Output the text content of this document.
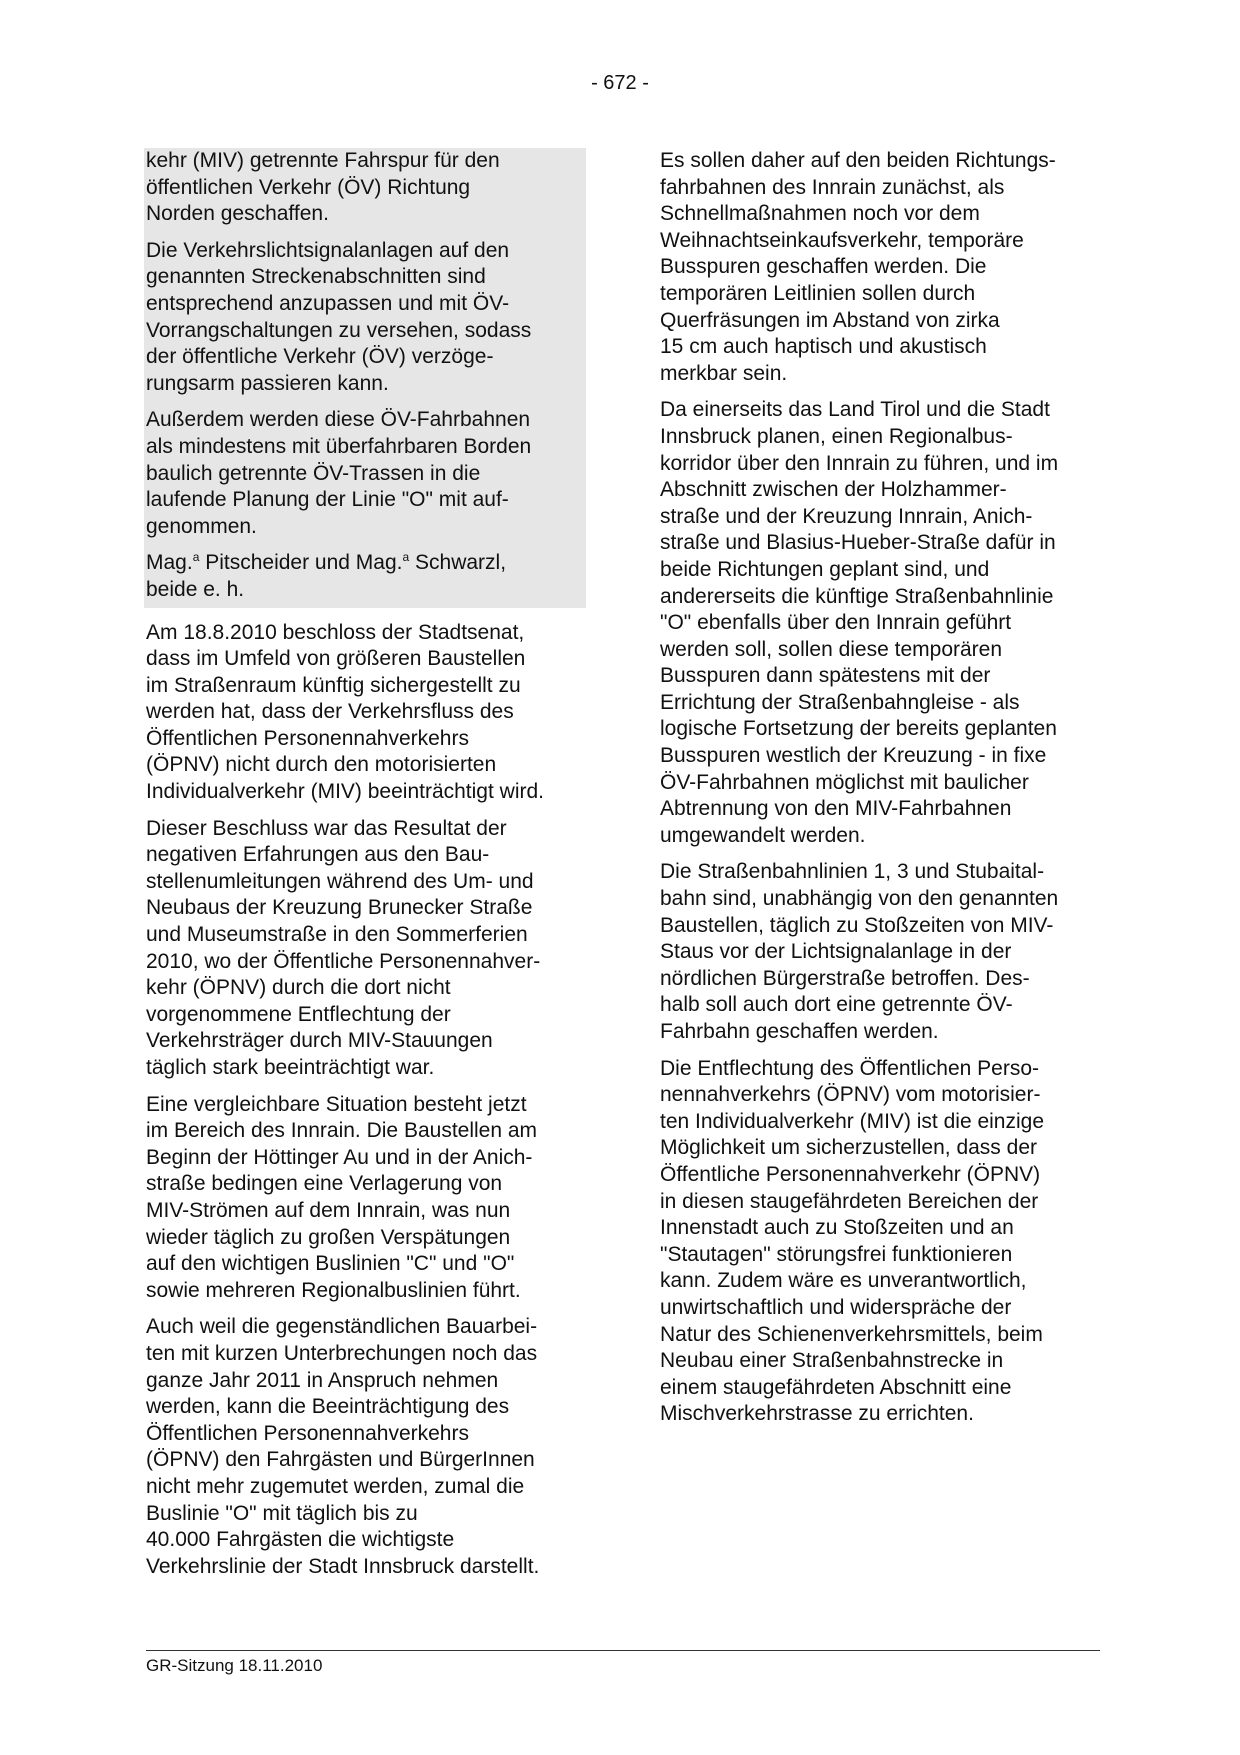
- 672 -

kehr (MIV) getrennte Fahrspur für den
öffentlichen Verkehr (ÖV) Richtung
Norden geschaffen.

Die Verkehrslichtsignalanlagen auf den
genannten Streckenabschnitten sind
entsprechend anzupassen und mit ÖV-
Vorrangschaltungen zu versehen, sodass
der öffentliche Verkehr (ÖV) verzöge-
rungsarm passieren kann.

Außerdem werden diese ÖV-Fahrbahnen
als mindestens mit überfahrbaren Borden
baulich getrennte ÖV-Trassen in die
laufende Planung der Linie "O" mit auf-
genommen.

Mag.$^a$ Pitscheider und Mag.$^a$ Schwarzl,
beide e. h.

Am 18.8.2010 beschloss der Stadtsenat,
dass im Umfeld von größeren Baustellen
im Straßenraum künftig sichergestellt zu
werden hat, dass der Verkehrsfluss des
Öffentlichen Personennahverkehrs
(ÖPNV) nicht durch den motorisierten
Individualverkehr (MIV) beeinträchtigt wird.

Dieser Beschluss war das Resultat der
negativen Erfahrungen aus den Bau-
stellenumleitungen während des Um- und
Neubaus der Kreuzung Brunecker Straße
und Museumstraße in den Sommerferien
2010, wo der Öffentliche Personennahver-
kehr (ÖPNV) durch die dort nicht
vorgenommene Entflechtung der
Verkehrsträger durch MIV-Stauungen
täglich stark beeinträchtigt war.

Eine vergleichbare Situation besteht jetzt
im Bereich des Innrain. Die Baustellen am
Beginn der Höttinger Au und in der Anich-
straße bedingen eine Verlagerung von
MIV-Strömen auf dem Innrain, was nun
wieder täglich zu großen Verspätungen
auf den wichtigen Buslinien "C" und "O"
sowie mehreren Regionalbuslinien führt.

Auch weil die gegenständlichen Bauarbei-
ten mit kurzen Unterbrechungen noch das
ganze Jahr 2011 in Anspruch nehmen
werden, kann die Beeinträchtigung des
Öffentlichen Personennahverkehrs
(ÖPNV) den Fahrgästen und BürgerInnen
nicht mehr zugemutet werden, zumal die
Buslinie "O" mit täglich bis zu
40.000 Fahrgästen die wichtigste
Verkehrslinie der Stadt Innsbruck darstellt.

Es sollen daher auf den beiden Richtungs-
fahrbahnen des Innrain zunächst, als
Schnellmaßnahmen noch vor dem
Weihnachtseinkaufsverkehr, temporäre
Busspuren geschaffen werden. Die
temporären Leitlinien sollen durch
Querfräsungen im Abstand von zirka
15 cm auch haptisch und akustisch
merkbar sein.

Da einerseits das Land Tirol und die Stadt
Innsbruck planen, einen Regionalbus-
korridor über den Innrain zu führen, und im
Abschnitt zwischen der Holzhammer-
straße und der Kreuzung Innrain, Anich-
straße und Blasius-Hueber-Straße dafür in
beide Richtungen geplant sind, und
andererseits die künftige Straßenbahnlinie
"O" ebenfalls über den Innrain geführt
werden soll, sollen diese temporären
Busspuren dann spätestens mit der
Errichtung der Straßenbahngleise - als
logische Fortsetzung der bereits geplanten
Busspuren westlich der Kreuzung - in fixe
ÖV-Fahrbahnen möglichst mit baulicher
Abtrennung von den MIV-Fahrbahnen
umgewandelt werden.

Die Straßenbahnlinien 1, 3 und Stubaital-
bahn sind, unabhängig von den genannten
Baustellen, täglich zu Stoßzeiten von MIV-
Staus vor der Lichtsignalanlage in der
nördlichen Bürgerstraße betroffen. Des-
halb soll auch dort eine getrennte ÖV-
Fahrbahn geschaffen werden.

Die Entflechtung des Öffentlichen Perso-
nennahverkehrs (ÖPNV) vom motorisier-
ten Individualverkehr (MIV) ist die einzige
Möglichkeit um sicherzustellen, dass der
Öffentliche Personennahverkehr (ÖPNV)
in diesen staugefährdeten Bereichen der
Innenstadt auch zu Stoßzeiten und an
"Stautagen" störungsfrei funktionieren
kann. Zudem wäre es unverantwortlich,
unwirtschaftlich und widerspräche der
Natur des Schienenverkehrsmittels, beim
Neubau einer Straßenbahnstrecke in
einem staugefährdeten Abschnitt eine
Mischverkehrstrasse zu errichten.

GR-Sitzung 18.11.2010
